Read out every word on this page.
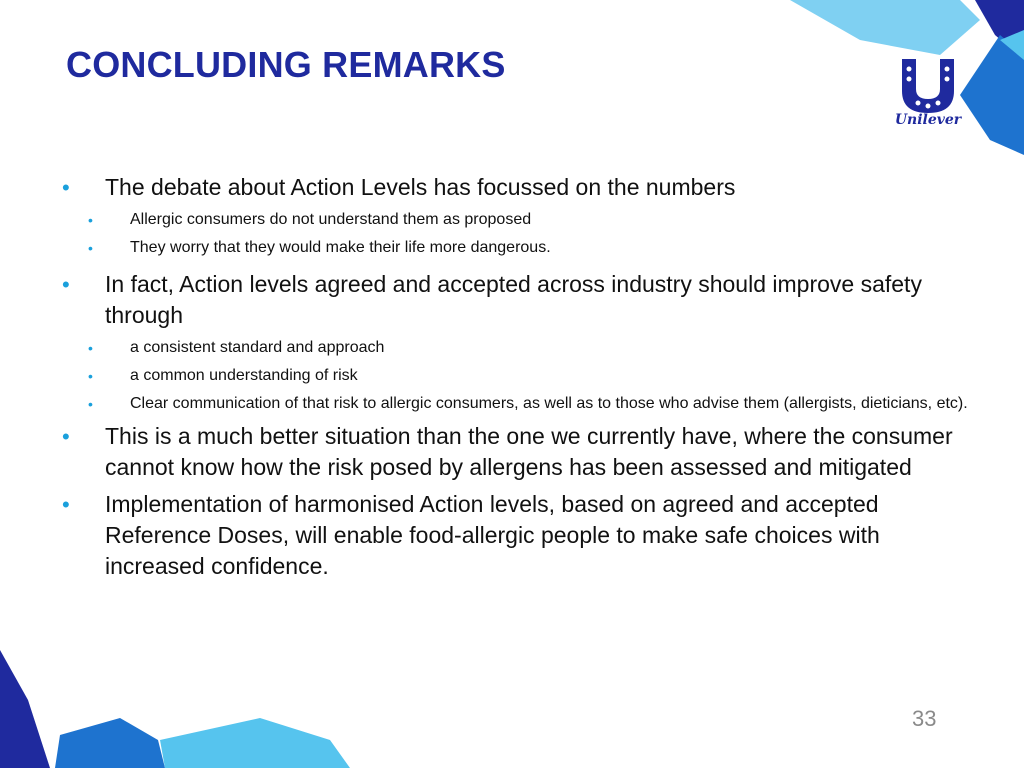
CONCLUDING REMARKS
Unilever
• The debate about Action Levels has focussed on the numbers
• Allergic consumers do not understand them as proposed
• They worry that they would make their life more dangerous.
• In fact, Action levels agreed and accepted across industry should improve safety through
• a consistent standard and approach
• a common understanding of risk
• Clear communication of that risk to allergic consumers, as well as to those who advise them (allergists, dieticians, etc).
• This is a much better situation than the one we currently have, where the consumer cannot know how the risk posed by allergens has been assessed and mitigated
• Implementation of harmonised Action levels, based on agreed and accepted Reference Doses, will enable food-allergic people to make safe choices with increased confidence.
33
